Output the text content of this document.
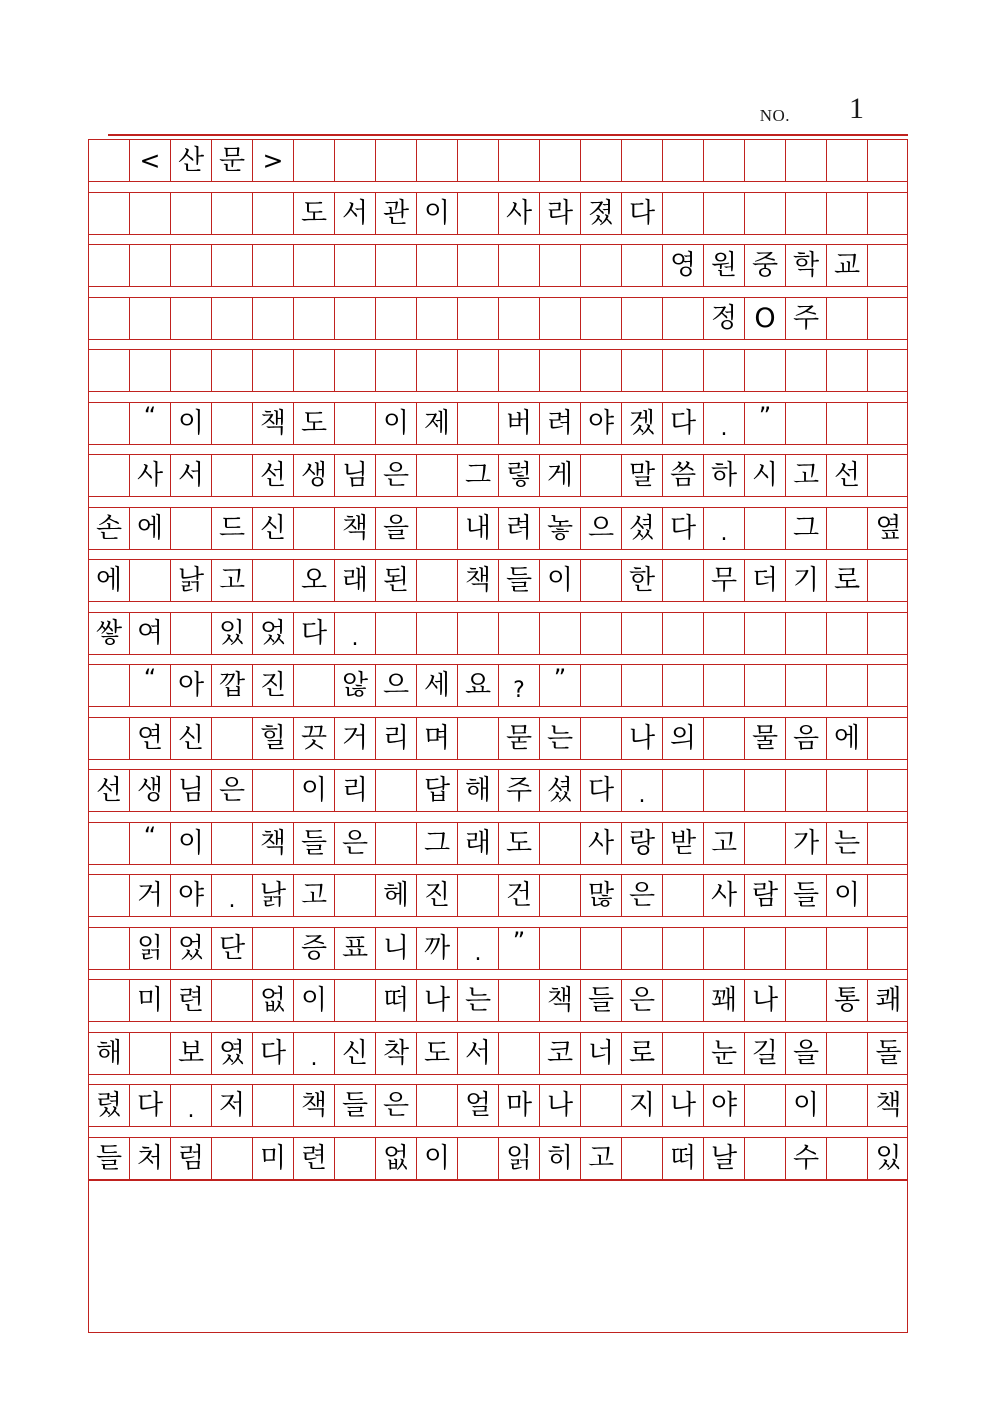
NO. 1
< 산 문 >
도 서 관 이 사 라 졌 다
영 원 중 학 교
정 O 주
“ 이 책 도 이 제 버 려 야 겠 다	.	”
사 서 선 생 님 은 그 렇 게 말 씀 하 시 고 선
손 에 드 신 책 을 내 려 놓 으 셨 다	.	그 옆
에 낡 고 오 래 된 책 들 이 한 무 더 기 로
쌓 여 있 었 다	.
“ 아 깝 진 않 으 세 요	?	”
연 신 힐 끗 거 리 며 묻 는 나 의 물 음 에
선 생 님 은 이 리 답 해 주 셨 다	.
“ 이 책 들 은 그 래 도 사 랑 받 고 가 는
거 야	. 낡 고 헤 진 건 많 은 사 람 들 이
읽 었 단 증 표 니 까	.	”
미 련 없 이 떠 나 는 책 들 은 꽤 나 통 쾌
해 보 였 다	. 신 착 도 서 코 너 로 눈 길 을 돌
렸 다	. 저 책 들 은 얼 마 나 지 나 야 이 책
들 처 럼 미 련 없 이 읽 히 고 떠 날 수 있
